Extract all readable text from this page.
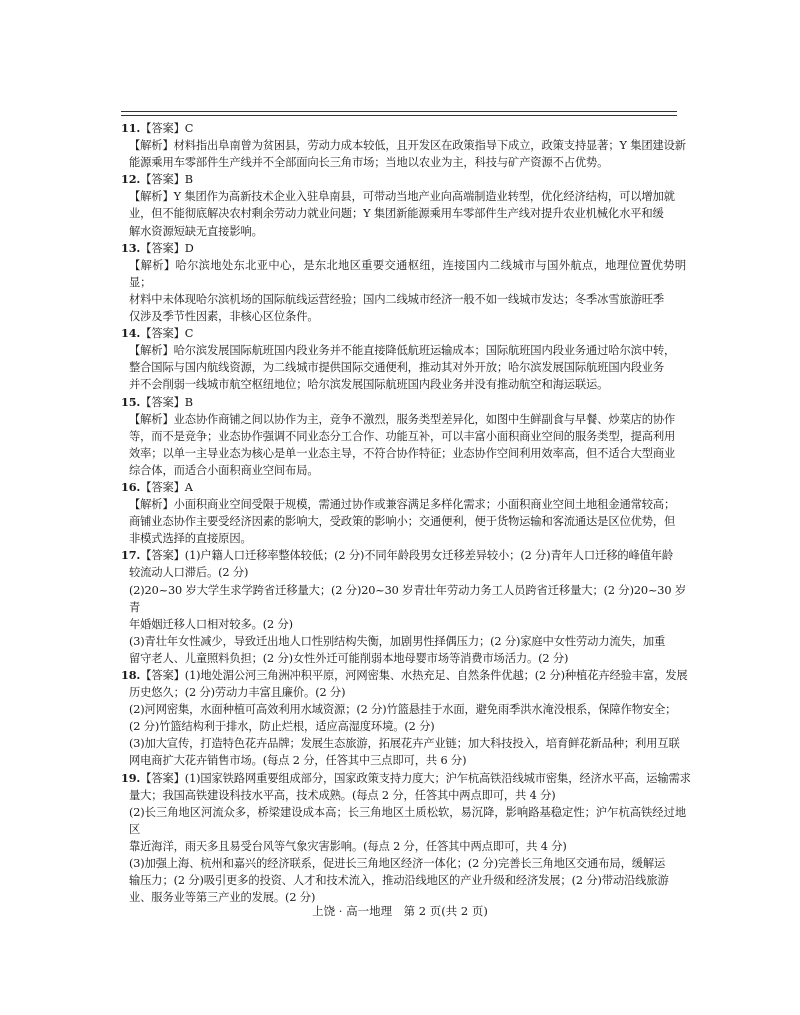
11.【答案】C
【解析】材料指出阜南曾为贫困县，劳动力成本较低，且开发区在政策指导下成立，政策支持显著；Y 集团建设新
能源乘用车零部件生产线并不全部面向长三角市场；当地以农业为主，科技与矿产资源不占优势。
12.【答案】B
【解析】Y 集团作为高新技术企业入驻阜南县，可带动当地产业向高端制造业转型，优化经济结构，可以增加就
业，但不能彻底解决农村剩余劳动力就业问题；Y 集团新能源乘用车零部件生产线对提升农业机械化水平和缓
解水资源短缺无直接影响。
13.【答案】D
【解析】哈尔滨地处东北亚中心，是东北地区重要交通枢纽，连接国内二线城市与国外航点，地理位置优势明显；
材料中未体现哈尔滨机场的国际航线运营经验；国内二线城市经济一般不如一线城市发达；冬季冰雪旅游旺季
仅涉及季节性因素，非核心区位条件。
14.【答案】C
【解析】哈尔滨发展国际航班国内段业务并不能直接降低航班运输成本；国际航班国内段业务通过哈尔滨中转，
整合国际与国内航线资源，为二线城市提供国际交通便利，推动其对外开放；哈尔滨发展国际航班国内段业务
并不会削弱一线城市航空枢纽地位；哈尔滨发展国际航班国内段业务并没有推动航空和海运联运。
15.【答案】B
【解析】业态协作商铺之间以协作为主，竞争不激烈，服务类型差异化，如图中生鲜副食与早餐、炒菜店的协作
等，而不是竞争；业态协作强调不同业态分工合作、功能互补，可以丰富小面积商业空间的服务类型，提高利用
效率；以单一主导业态为核心是单一业态主导，不符合协作特征；业态协作空间利用效率高，但不适合大型商业
综合体，而适合小面积商业空间布局。
16.【答案】A
【解析】小面积商业空间受限于规模，需通过协作或兼容满足多样化需求；小面积商业空间土地租金通常较高；
商铺业态协作主要受经济因素的影响大，受政策的影响小；交通便利，便于货物运输和客流通达是区位优势，但
非模式选择的直接原因。
17.【答案】(1)户籍人口迁移率整体较低；(2 分)不同年龄段男女迁移差异较小；(2 分)青年人口迁移的峰值年龄
较流动人口滞后。(2 分)
(2)20~30 岁大学生求学跨省迁移量大；(2 分)20~30 岁青壮年劳动力务工人员跨省迁移量大；(2 分)20~30 岁青
年婚姻迁移人口相对较多。(2 分)
(3)青壮年女性减少，导致迁出地人口性别结构失衡，加剧男性择偶压力；(2 分)家庭中女性劳动力流失，加重
留守老人、儿童照料负担；(2 分)女性外迁可能削弱本地母婴市场等消费市场活力。(2 分)
18.【答案】(1)地处湄公河三角洲冲积平原，河网密集、水热充足、自然条件优越；(2 分)种植花卉经验丰富，发展
历史悠久；(2 分)劳动力丰富且廉价。(2 分)
(2)河网密集，水面种植可高效利用水域资源；(2 分)竹篮悬挂于水面，避免雨季洪水淹没根系，保障作物安全；
(2 分)竹篮结构利于排水，防止烂根，适应高湿度环境。(2 分)
(3)加大宣传，打造特色花卉品牌；发展生态旅游，拓展花卉产业链；加大科技投入，培育鲜花新品种；利用互联
网电商扩大花卉销售市场。(每点 2 分，任答其中三点即可，共 6 分)
19.【答案】(1)国家铁路网重要组成部分，国家政策支持力度大；沪乍杭高铁沿线城市密集，经济水平高，运输需求
量大；我国高铁建设科技水平高，技术成熟。(每点 2 分，任答其中两点即可，共 4 分)
(2)长三角地区河流众多，桥梁建设成本高；长三角地区土质松软，易沉降，影响路基稳定性；沪乍杭高铁经过地区
靠近海洋，雨天多且易受台风等气象灾害影响。(每点 2 分，任答其中两点即可，共 4 分)
(3)加强上海、杭州和嘉兴的经济联系，促进长三角地区经济一体化；(2 分)完善长三角地区交通布局，缓解运
输压力；(2 分)吸引更多的投资、人才和技术流入，推动沿线地区的产业升级和经济发展；(2 分)带动沿线旅游
业、服务业等第三产业的发展。(2 分)
上饶 · 高一地理　第 2 页(共 2 页)
